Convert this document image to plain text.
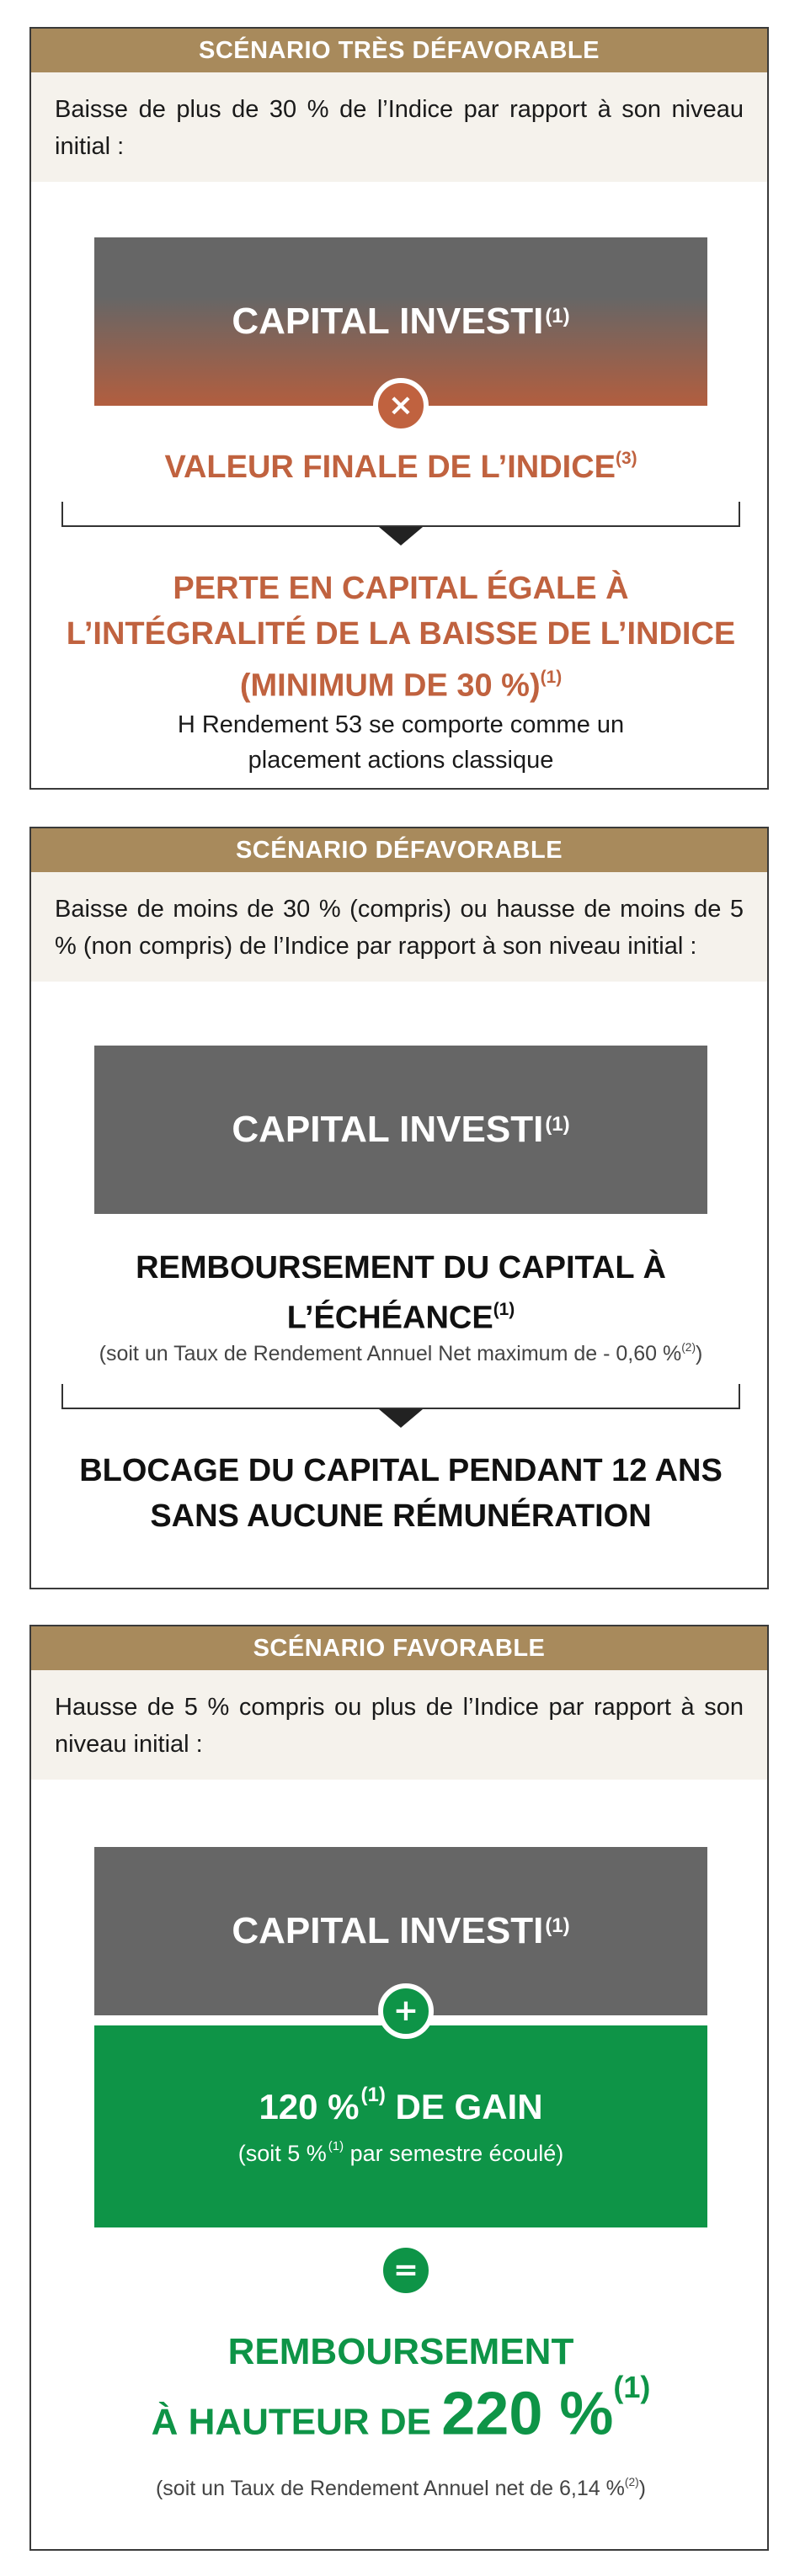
SCÉNARIO TRÈS DÉFAVORABLE
Baisse de plus de 30 % de l’Indice par rapport à son niveau initial :
CAPITAL $INVESTI^{(1)}$
×
VALEUR FINALE DE L’INDICE$^{(3)}$
PERTE EN CAPITAL ÉGALE À
L’INTÉGRALITÉ DE LA BAISSE DE L’INDICE
(MINIMUM DE 30 %)$^{(1)}$
H Rendement 53 se comporte comme un
placement actions classique
SCÉNARIO DÉFAVORABLE
Baisse de moins de 30 % (compris) ou hausse de moins de 5 % (non compris) de l’Indice par rapport à son niveau initial :
CAPITAL INVESTI$^{(1)}$
REMBOURSEMENT DU CAPITAL À
L’ÉCHÉANCE$^{(1)}$
(soit un Taux de Rendement Annuel Net maximum de - 0,60 %$^{(2)}$)
BLOCAGE DU CAPITAL PENDANT 12 ANS
SANS AUCUNE RÉMUNÉRATION
SCÉNARIO FAVORABLE
Hausse de 5 % compris ou plus de l’Indice par rapport à son niveau initial :
CAPITAL INVESTI$^{(1)}$
120 %$^{(1)}$ DE GAIN
(soit 5 % $^{(1)}$ par semestre écoulé)
+
=
REMBOURSEMENT
À HAUTEUR DE 220 %$^{(1)}$
(soit un Taux de Rendement Annuel net de 6,14 %$^{(2)}$)
